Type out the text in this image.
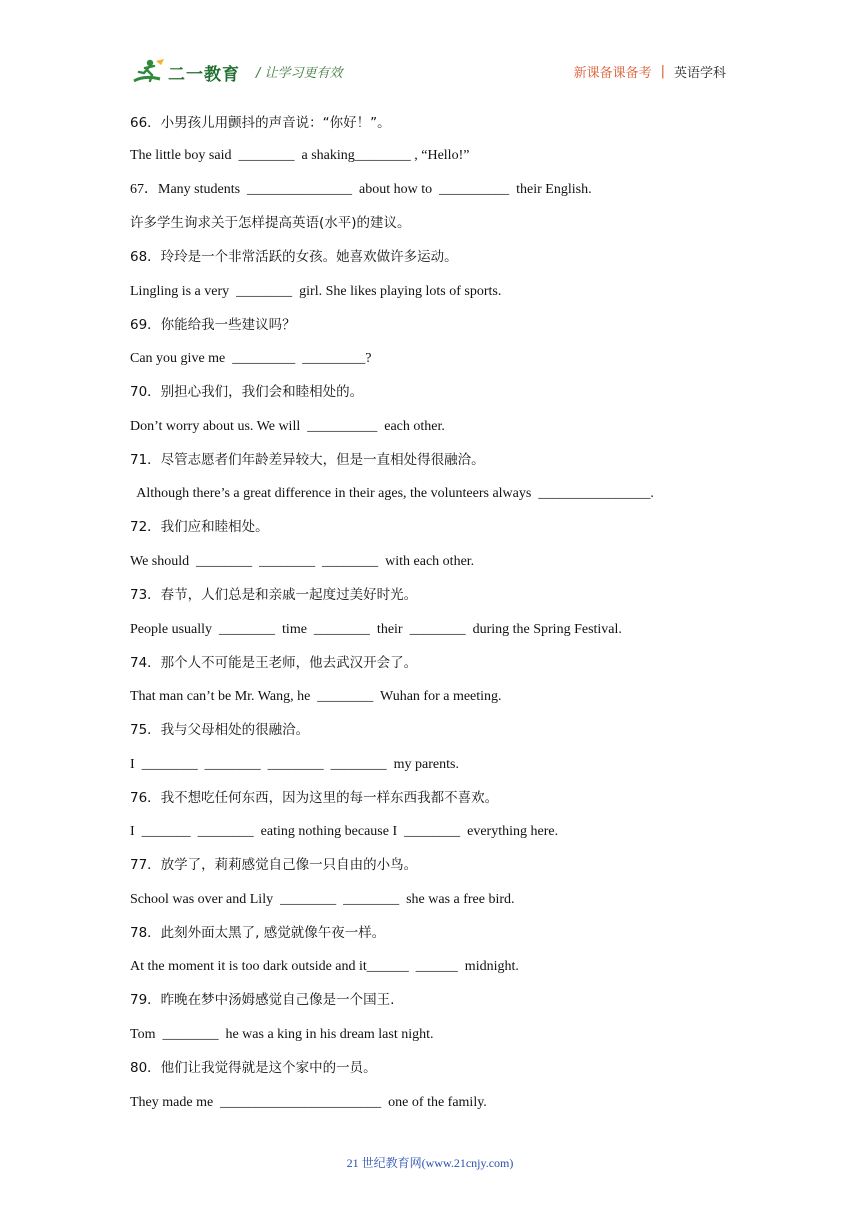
二一教育 / 让学习更有效	新课备课备考 | 英语学科
66．小男孩儿用颤抖的声音说：“你好！”。
The little boy said  ________  a shaking________ , “Hello!”
67．Many students  _______________  about how to  __________  their English.
许多学生询求关于怎样提高英语(水平)的建议。
68．玲玲是一个非常活跃的女孩。她喜欢做许多运动。
Lingling is a very  ________  girl. She likes playing lots of sports.
69．你能给我一些建议吗？
Can you give me  _________  _________?
70．别担心我们，我们会和睦相处的。
Don’t worry about us. We will  __________  each other.
71．尽管志愿者们年龄差异较大，但是一直相处得很融洽。
Although there’s a great difference in their ages, the volunteers always  ________________.
72．我们应和睦相处。
We should  ________  ________  ________  with each other.
73．春节，人们总是和亲戚一起度过美好时光。
People usually  ________  time  ________  their  ________  during the Spring Festival.
74．那个人不可能是王老师，他去武汉开会了。
That man can’t be Mr. Wang, he  ________  Wuhan for a meeting.
75．我与父母相处的很融洽。
I  ________  ________  ________  ________  my parents.
76．我不想吃任何东西，因为这里的每一样东西我都不喜欢。
I  _______  ________  eating nothing because I  ________  everything here.
77．放学了，莉莉感觉自己像一只自由的小鸟。
School was over and Lily  ________  ________  she was a free bird.
78．此刻外面太黑了, 感觉就像午夜一样。
At the moment it is too dark outside and it______  ______  midnight.
79．昨晚在梦中汤姆感觉自己像是一个国王.
Tom  ________  he was a king in his dream last night.
80．他们让我觉得就是这个家中的一员。
They made me  _______________________  one of the family.
21 世纪教育网(www.21cnjy.com)
